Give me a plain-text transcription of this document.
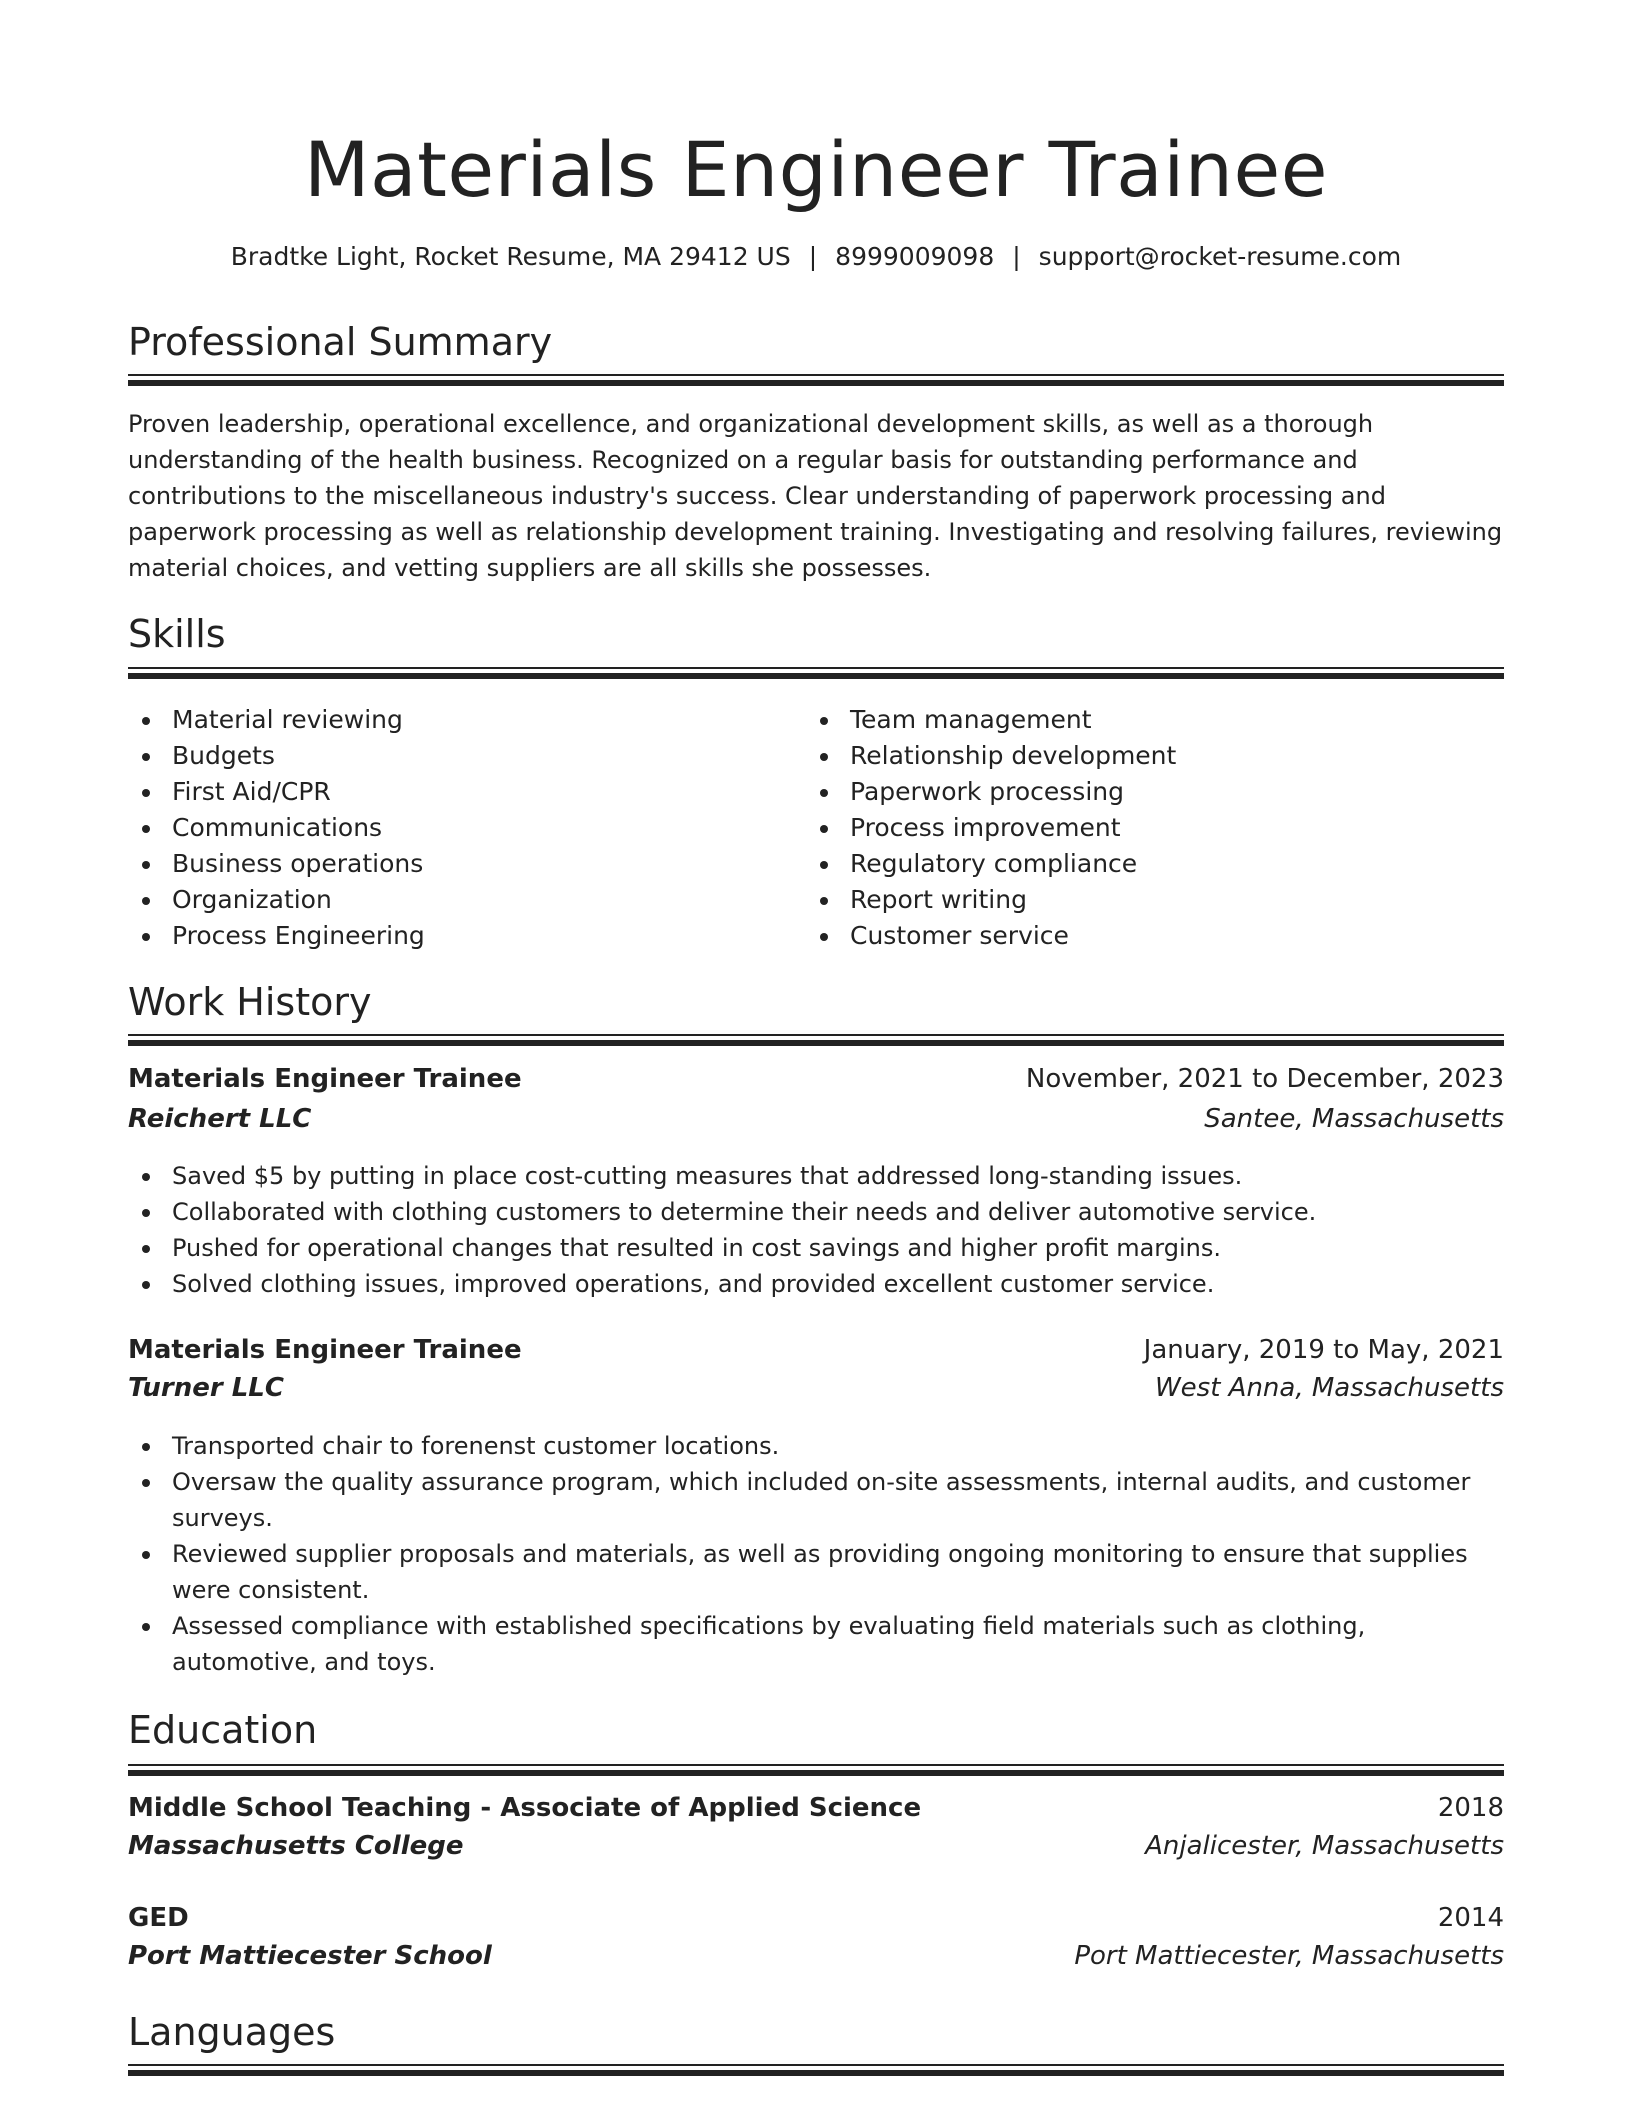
Materials Engineer Trainee
Bradtke Light, Rocket Resume, MA 29412 US | 8999009098 | support@rocket-resume.com
Professional Summary

Proven leadership, operational excellence, and organizational development skills, as well as a thorough understanding of the health business. Recognized on a regular basis for outstanding performance and contributions to the miscellaneous industry's success. Clear understanding of paperwork processing and paperwork processing as well as relationship development training. Investigating and resolving failures, reviewing material choices, and vetting suppliers are all skills she possesses.

Skills
Material reviewing
Budgets
First Aid/CPR
Communications
Business operations
Organization
Process Engineering
Team management
Relationship development
Paperwork processing
Process improvement
Regulatory compliance
Report writing
Customer service
Work History
Materials Engineer Trainee	November, 2021 to December, 2023
Reichert LLC	Santee, Massachusetts
Saved $5 by putting in place cost-cutting measures that addressed long-standing issues.
Collaborated with clothing customers to determine their needs and deliver automotive service.
Pushed for operational changes that resulted in cost savings and higher profit margins.
Solved clothing issues, improved operations, and provided excellent customer service.
Materials Engineer Trainee	January, 2019 to May, 2021
Turner LLC	West Anna, Massachusetts
Transported chair to forenenst customer locations.
Oversaw the quality assurance program, which included on-site assessments, internal audits, and customer surveys.
Reviewed supplier proposals and materials, as well as providing ongoing monitoring to ensure that supplies were consistent.
Assessed compliance with established specifications by evaluating field materials such as clothing, automotive, and toys.
Education
Middle School Teaching - Associate of Applied Science	2018
Massachusetts College	Anjalicester, Massachusetts
GED	2014
Port Mattiecester School	Port Mattiecester, Massachusetts
Languages
